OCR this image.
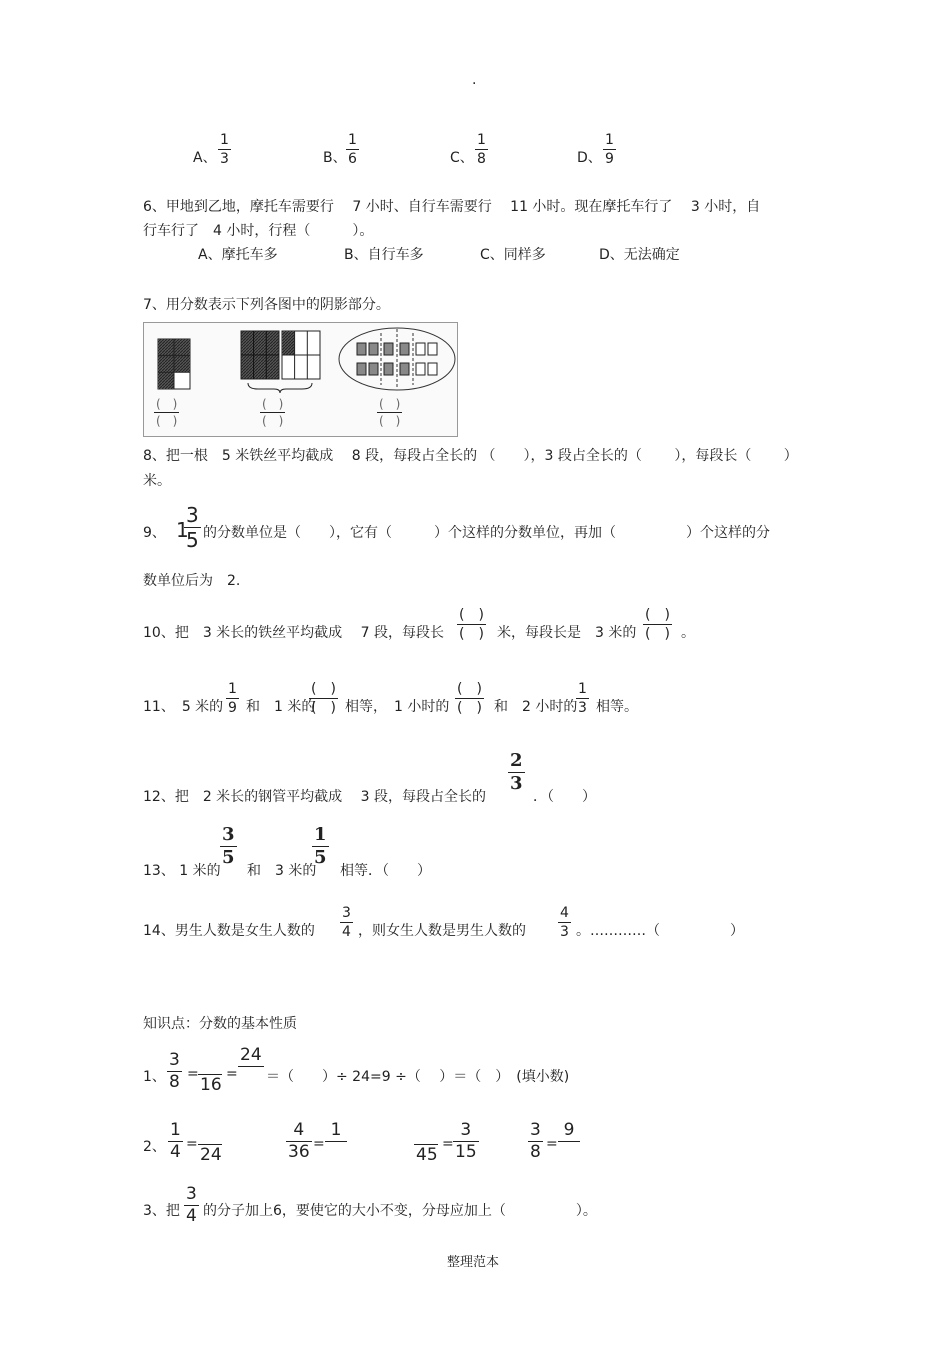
.
A、 $\frac{1}{3}$	B、 $\frac{1}{6}$	C、 $\frac{1}{8}$	D、 $\frac{1}{9}$
6、甲地到乙地，摩托车需要行　 7 小时、自行车需要行　 11 小时。现在摩托车行了　 3 小时，自
行车行了　4 小时，行程（　　　）。
A、摩托车多	B、自行车多	C、同样多	D、无法确定
7、用分数表示下列各图中的阴影部分。
(　)
(　)
(　)
(　)
(　)
(　)
8、把一根　5 米铁丝平均截成　 8 段，每段占全长的 （　　），3 段占全长的（　　 ），每段长（　　 ）
米。
9、 1
$\frac{3}{5}$ 的分数单位是（　　），它有（　　　）个这样的分数单位，再加（　　　　　）个这样的分
数单位后为　2.
10、把　3 米长的铁丝平均截成　 7 段，每段长
(　)
(　) 米，每段长是　3 米的
(　)
(　) 。
11、　5 米的 $\frac{1}{9}$ 和　1 米的
(　)
(　) 相等，　1 小时的
(　)
(　) 和　2 小时的
$\frac{1}{3}$ 相等。
12、把　2 米长的钢管平均截成　 3 段，每段占全长的
$\frac{2}{3}$
．（　　）
13、 1 米的
$\frac{3}{5}$
和　3 米的
$\frac{1}{5}$
相等．（　　）
14、男生人数是女生人数的 $\frac{3}{4}$ ，则女生人数是男生人数的 $\frac{4}{3}$ 。…………（　　　　　）
知识点：分数的基本性质
1、 $\frac{3}{8}$ =
16
=
24
＝（　　）÷ 24=9 ÷（　 ）＝（　）　(填小数)
2、 $\frac{1}{4}$ =
24	$\frac{4}{36}$ =
1
45
= $\frac{3}{15}$	$\frac{3}{8}$ =
9
3、把 $\frac{3}{4}$ 的分子加上6，要使它的大小不变，分母应加上（　　　　　）。
整理范本
